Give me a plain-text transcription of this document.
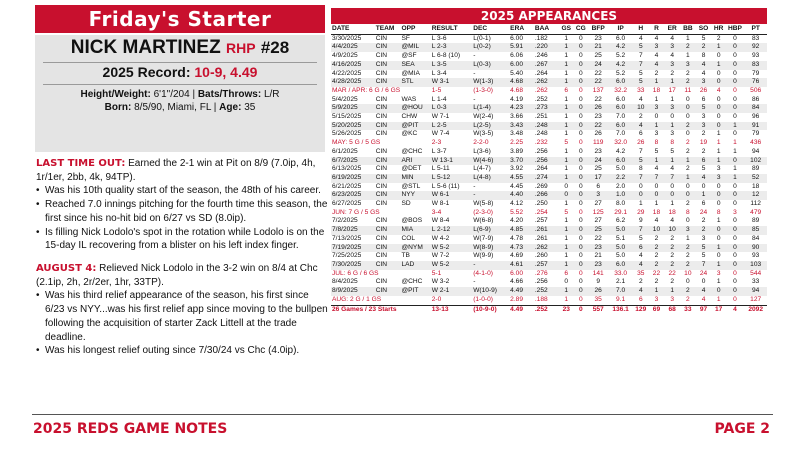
Friday's Starter
NICK MARTINEZ RHP #28
2025 Record: 10-9, 4.49
Height/Weight: 6'1"/204 | Bats/Throws: L/R
Born: 8/5/90, Miami, FL | Age: 35

LAST TIME OUT: Earned the 2-1 win at Pit on 8/9 (7.0ip, 4h, 1r/1er, 2bb, 4k, 94TP).

• Was his 10th quality start of the season, the 48th of his career.
• Reached 7.0 innings pitching for the fourth time this season, the first since his no-hit bid on 6/27 vs SD (8.0ip).
• Is filling Nick Lodolo's spot in the rotation while Lodolo is on the 15-day IL recovering from a blister on his left index finger.

AUGUST 4: Relieved Nick Lodolo in the 3-2 win on 8/4 at Chc (2.1ip, 2h, 2r/2er, 1hr, 33TP).

• Was his third relief appearance of the season, his first since 6/23 vs NYY...was his first relief app since moving to the bullpen following the acquisition of starter Zack Littell at the trade deadline.
• Was his longest relief outing since 7/30/24 vs Chc (4.0ip).
2025 APPEARANCES
DATE	TEAM	OPP	RESULT	DEC	ERA	BAA	GS	CG	BFP	IP	H	R	ER	BB	SO	HR	HBP	PT
3/30/2025	CIN	SF	L 3-6	L(0-1)	6.00	.182	1	0	23	6.0	4	4	4	1	5	2	0	83
4/4/2025	CIN	@MIL	L 2-3	L(0-2)	5.91	.220	1	0	21	4.2	5	3	3	2	2	1	0	92
4/9/2025	CIN	@SF	L 6-8 (10)	-	6.06	.246	1	0	25	5.2	7	4	4	1	8	0	0	93
4/16/2025	CIN	SEA	L 3-5	L(0-3)	6.00	.267	1	0	24	4.2	7	4	3	3	4	1	0	83
4/22/2025	CIN	@MIA	L 3-4	-	5.40	.264	1	0	22	5.2	5	2	2	2	4	0	0	79
4/28/2025	CIN	STL	W 3-1	W(1-3)	4.68	.262	1	0	22	6.0	5	1	1	2	3	0	0	76
MAR / APR: 6 G / 6 GS			1-5	(1-3-0)	4.68	.262	6	0	137	32.2	33	18	17	11	26	4	0	506
5/4/2025	CIN	WAS	L 1-4	-	4.19	.252	1	0	22	6.0	4	1	1	0	6	0	0	86
5/9/2025	CIN	@HOU	L 0-3	L(1-4)	4.23	.273	1	0	26	6.0	10	3	3	0	5	0	0	84
5/15/2025	CIN	CHW	W 7-1	W(2-4)	3.66	.251	1	0	23	7.0	2	0	0	0	3	0	0	96
5/20/2025	CIN	@PIT	L 2-5	L(2-5)	3.43	.248	1	0	22	6.0	4	1	1	2	3	0	1	91
5/26/2025	CIN	@KC	W 7-4	W(3-5)	3.48	.248	1	0	26	7.0	6	3	3	0	2	1	0	79
MAY: 5 G / 5 GS			2-3	2-2-0	2.25	.232	5	0	119	32.0	26	8	8	2	19	1	1	436
6/1/2025	CIN	@CHC	L 3-7	L(3-6)	3.89	.256	1	0	23	4.2	7	5	5	2	2	1	1	94
6/7/2025	CIN	ARI	W 13-1	W(4-6)	3.70	.256	1	0	24	6.0	5	1	1	1	6	1	0	102
6/13/2025	CIN	@DET	L 5-11	L(4-7)	3.92	.264	1	0	25	5.0	8	4	4	2	5	3	1	89
6/19/2025	CIN	MIN	L 5-12	L(4-8)	4.55	.274	1	0	17	2.2	7	7	7	1	4	3	1	52
6/21/2025	CIN	@STL	L 5-6 (11)	-	4.45	.269	0	0	6	2.0	0	0	0	0	0	0	0	18
6/23/2025	CIN	NYY	W 6-1	-	4.40	.266	0	0	3	1.0	0	0	0	0	1	0	0	12
6/27/2025	CIN	SD	W 8-1	W(5-8)	4.12	.250	1	0	27	8.0	1	1	1	2	6	0	0	112
JUN: 7 G / 5 GS			3-4	(2-3-0)	5.52	.254	5	0	125	29.1	29	18	18	8	24	8	3	479
7/2/2025	CIN	@BOS	W 8-4	W(6-8)	4.20	.257	1	0	27	6.2	9	4	4	0	2	1	0	89
7/8/2025	CIN	MIA	L 2-12	L(6-9)	4.85	.261	1	0	25	5.0	7	10	10	3	2	0	0	85
7/13/2025	CIN	COL	W 4-2	W(7-9)	4.78	.261	1	0	22	5.1	5	2	2	1	3	0	0	84
7/19/2025	CIN	@NYM	W 5-2	W(8-9)	4.73	.262	1	0	23	5.0	6	2	2	2	5	1	0	90
7/25/2025	CIN	TB	W 7-2	W(9-9)	4.69	.260	1	0	21	5.0	4	2	2	2	5	0	0	93
7/30/2025	CIN	LAD	W 5-2	-	4.61	.257	1	0	23	6.0	4	2	2	2	7	1	0	103
JUL: 6 G / 6 GS			5-1	(4-1-0)	6.00	.276	6	0	141	33.0	35	22	22	10	24	3	0	544
8/4/2025	CIN	@CHC	W 3-2	-	4.66	.256	0	0	9	2.1	2	2	2	0	0	1	0	33
8/9/2025	CIN	@PIT	W 2-1	W(10-9)	4.49	.252	1	0	26	7.0	4	1	1	2	4	0	0	94
AUG: 2 G / 1 GS			2-0	(1-0-0)	2.89	.188	1	0	35	9.1	6	3	3	2	4	1	0	127
26 Games / 23 Starts			13-13	(10-9-0)	4.49	.252	23	0	557	136.1	129	69	68	33	97	17	4	2092
2025 REDS GAME NOTES	PAGE 2
